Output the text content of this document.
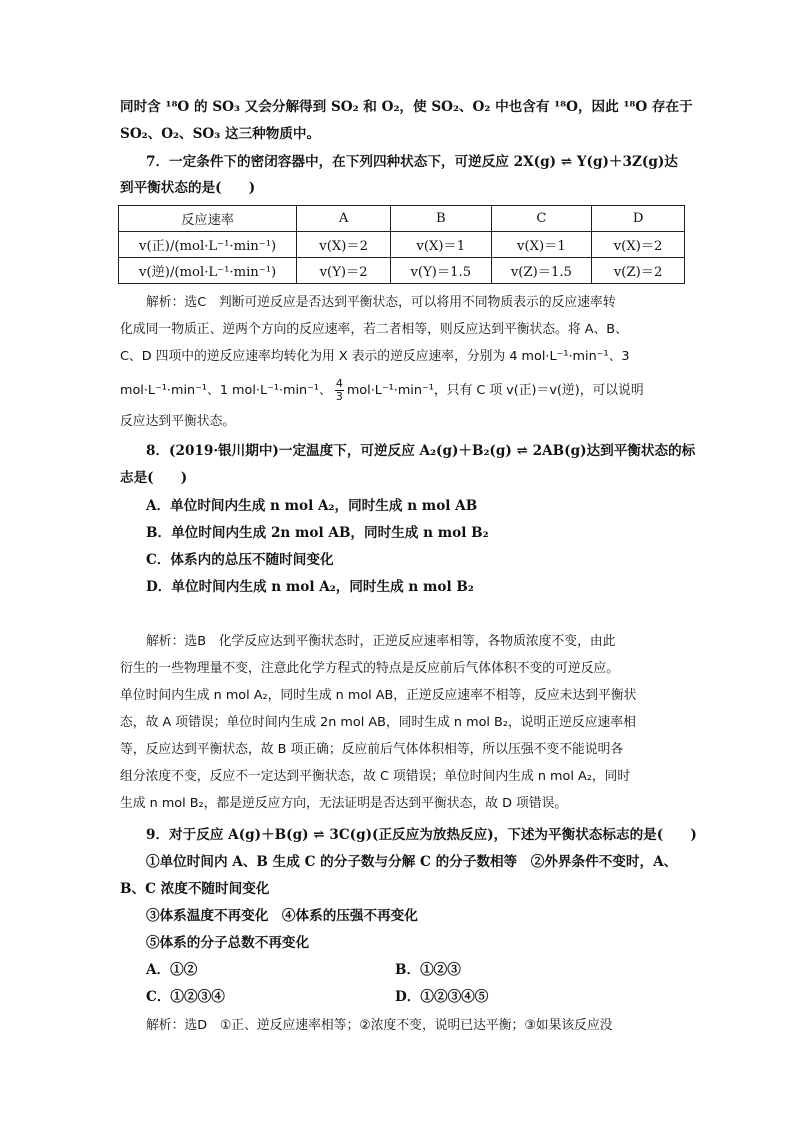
同时含 ¹⁸O 的 SO₃ 又会分解得到 SO₂ 和 O₂，使 SO₂、O₂ 中也含有 ¹⁸O，因此 ¹⁸O 存在于
SO₂、O₂、SO₃ 这三种物质中。
7．一定条件下的密闭容器中，在下列四种状态下，可逆反应 2X(g) ⇌ Y(g)＋3Z(g)达
到平衡状态的是(　　)
反应速率	A	B	C	D
v(正)/(mol·L⁻¹·min⁻¹)	v(X)＝2	v(X)＝1	v(X)＝1	v(X)＝2
v(逆)/(mol·L⁻¹·min⁻¹)	v(Y)＝2	v(Y)＝1.5	v(Z)＝1.5	v(Z)＝2
解析：选C　判断可逆反应是否达到平衡状态，可以将用不同物质表示的反应速率转
化成同一物质正、逆两个方向的反应速率，若二者相等，则反应达到平衡状态。将 A、B、
C、D 四项中的逆反应速率均转化为用 X 表示的逆反应速率，分别为 4 mol·L⁻¹·min⁻¹、3
mol·L⁻¹·min⁻¹、1 mol·L⁻¹·min⁻¹、 $\frac{4}{3} mol\cdot L^{-1}\cdot\min^{-1}$，只有 C 项 v(正)＝v(逆)，可以说明
反应达到平衡状态。
8．(2019·银川期中)一定温度下，可逆反应 A₂(g)＋B₂(g) ⇌ 2AB(g)达到平衡状态的标
志是(　　)
A．单位时间内生成 n mol A₂，同时生成 n mol AB
B．单位时间内生成 2n mol AB，同时生成 n mol B₂
C．体系内的总压不随时间变化
D．单位时间内生成 n mol A₂，同时生成 n mol B₂
解析：选B　化学反应达到平衡状态时，正逆反应速率相等，各物质浓度不变，由此
衍生的一些物理量不变，注意此化学方程式的特点是反应前后气体体积不变的可逆反应。
单位时间内生成 n mol A₂，同时生成 n mol AB，正逆反应速率不相等，反应未达到平衡状
态，故 A 项错误；单位时间内生成 2n mol AB，同时生成 n mol B₂，说明正逆反应速率相
等，反应达到平衡状态，故 B 项正确；反应前后气体体积相等，所以压强不变不能说明各
组分浓度不变，反应不一定达到平衡状态，故 C 项错误；单位时间内生成 n mol A₂，同时
生成 n mol B₂，都是逆反应方向，无法证明是否达到平衡状态，故 D 项错误。
9．对于反应 A(g)＋B(g) ⇌ 3C(g)(正反应为放热反应)，下述为平衡状态标志的是(　　)
①单位时间内 A、B 生成 C 的分子数与分解 C 的分子数相等　②外界条件不变时，A、
B、C 浓度不随时间变化
③体系温度不再变化　④体系的压强不再变化
⑤体系的分子总数不再变化
A．①②	B．①②③
C．①②③④	D．①②③④⑤
解析：选D　①正、逆反应速率相等；②浓度不变，说明已达平衡；③如果该反应没
